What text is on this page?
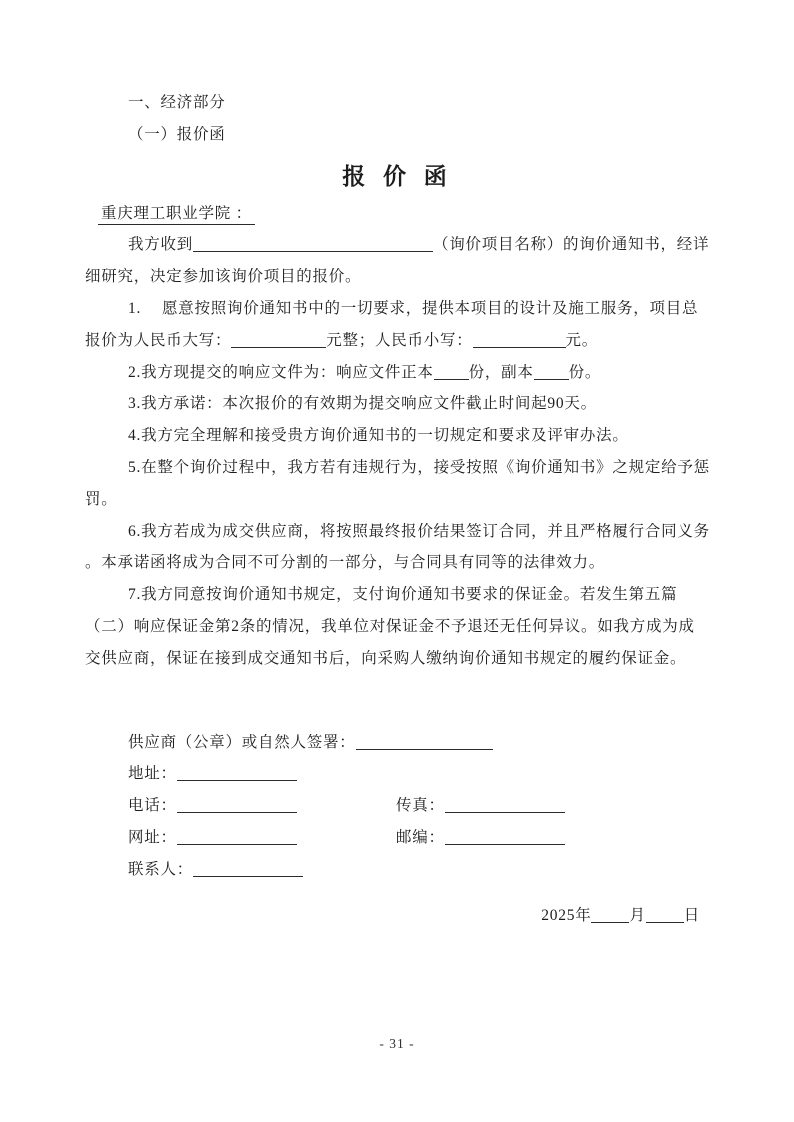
一、经济部分
（一）报价函
报 价 函
重庆理工职业学院 ：
我方收到	（询价项目名称）的询价通知书，经详
细研究，决定参加该询价项目的报价。
1.　 愿意按照询价通知书中的一切要求，提供本项目的设计及施工服务，项目总
报价为人民币大写：	元整；人民币小写：	元。
2.我方现提交的响应文件为：响应文件正本 份，副本 份。
3.我方承诺：本次报价的有效期为提交响应文件截止时间起90天。
4.我方完全理解和接受贵方询价通知书的一切规定和要求及评审办法。
5.在整个询价过程中，我方若有违规行为，接受按照《询价通知书》之规定给予惩
罚。
6.我方若成为成交供应商，将按照最终报价结果签订合同，并且严格履行合同义务
。本承诺函将成为合同不可分割的一部分，与合同具有同等的法律效力。
7.我方同意按询价通知书规定，支付询价通知书要求的保证金。若发生第五篇
（二）响应保证金第2条的情况，我单位对保证金不予退还无任何异议。如我方成为成
交供应商，保证在接到成交通知书后，向采购人缴纳询价通知书规定的履约保证金。
供应商（公章）或自然人签署：
地址：
电话：	传真：
网址：	邮编：
联系人：
2025年 月 日
- 31 -
